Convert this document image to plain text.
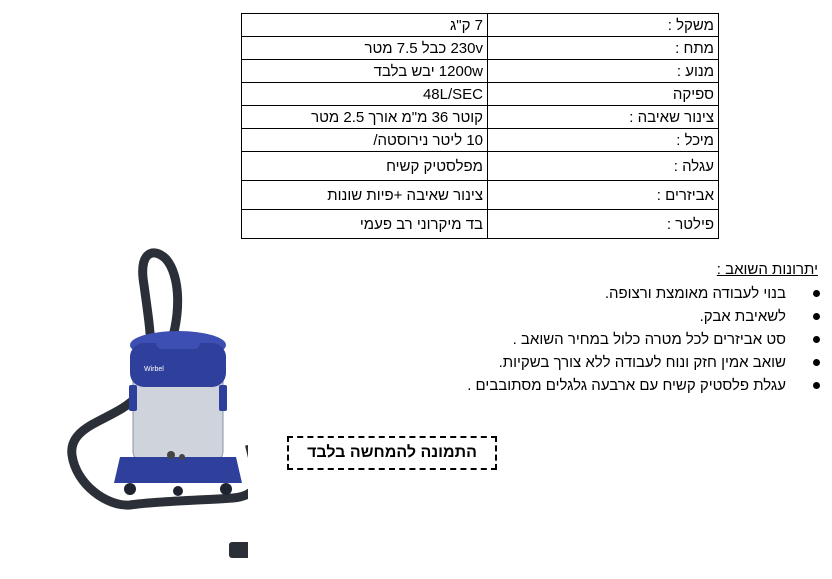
משקל :	7 ק"ג
מתח :	230v כבל 7.5 מטר
מנוע :	1200w יבש בלבד
ספיקה	48L/SEC
צינור שאיבה :	קוטר 36 מ"מ אורך 2.5 מטר
מיכל :	10 ליטר נירוסטה/
עגלה :	מפלסטיק קשיח
אביזרים :	צינור שאיבה +פיות שונות
פילטר :	בד מיקרוני רב פעמי
יתרונות השואב :
בנוי לעבודה מאומצת ורצופה.
לשאיבת אבק.
סט אביזרים לכל מטרה כלול במחיר השואב .
שואב אמין חזק ונוח לעבודה ללא צורך בשקיות.
עגלת פלסטיק קשיח עם ארבעה גלגלים מסתובבים .
התמונה להמחשה בלבד
Wirbel
